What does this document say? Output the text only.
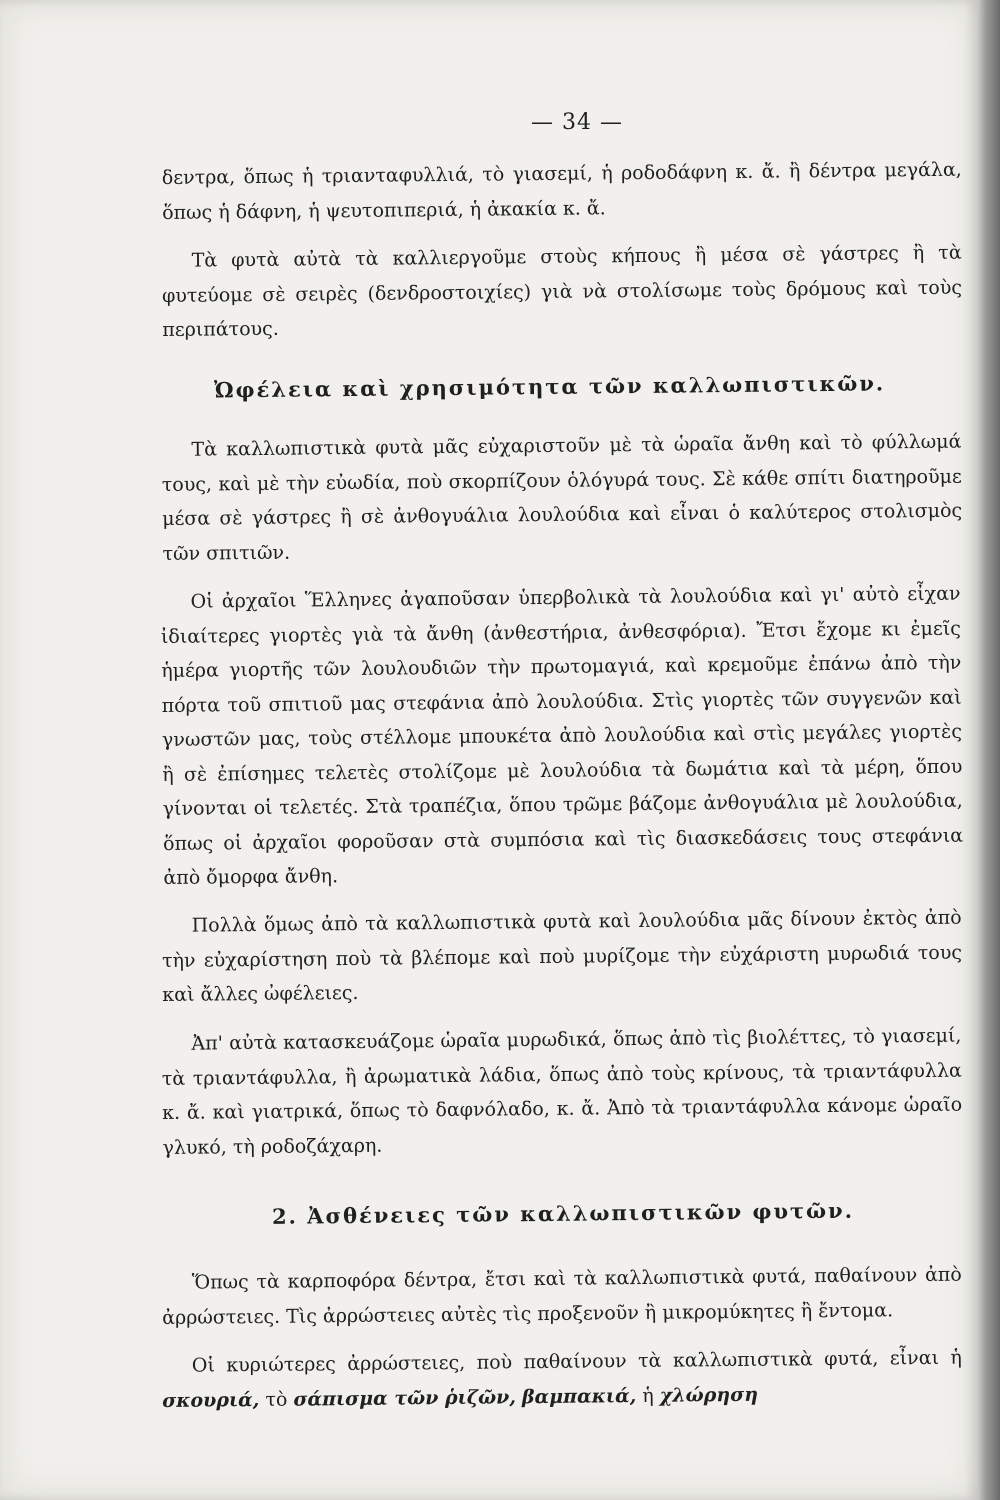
— 34 —

δεντρα, ὅπως ἡ τριανταφυλλιά, τὸ γιασεμί, ἡ ροδοδάφνη κ. ἄ. ἢ δέντρα μεγάλα, ὅπως ἡ δάφνη, ἡ ψευτοπιπεριά, ἡ ἀκακία κ. ἄ.

Τὰ φυτὰ αὐτὰ τὰ καλλιεργοῦμε στοὺς κήπους ἢ μέσα σὲ γάστρες ἢ τὰ φυτεύομε σὲ σειρὲς (δενδροστοιχίες) γιὰ νὰ στολίσωμε τοὺς δρόμους καὶ τοὺς περιπάτους.

Ὠφέλεια καὶ χρησιμότητα τῶν καλλωπιστικῶν.

Τὰ καλλωπιστικὰ φυτὰ μᾶς εὐχαριστοῦν μὲ τὰ ὡραῖα ἄνθη καὶ τὸ φύλλωμά τους, καὶ μὲ τὴν εὐωδία, ποὺ σκορπίζουν ὁλόγυρά τους. Σὲ κάθε σπίτι διατηροῦμε μέσα σὲ γάστρες ἢ σὲ ἀνθογυάλια λουλούδια καὶ εἶναι ὁ καλύτερος στολισμὸς τῶν σπιτιῶν.

Οἱ ἀρχαῖοι Ἕλληνες ἀγαποῦσαν ὑπερβολικὰ τὰ λουλούδια καὶ γι' αὐτὸ εἶχαν ἰδιαίτερες γιορτὲς γιὰ τὰ ἄνθη (ἀνθεστήρια, ἀνθεσφόρια). Ἔτσι ἔχομε κι ἐμεῖς ἡμέρα γιορτῆς τῶν λουλουδιῶν τὴν πρωτομαγιά, καὶ κρεμοῦμε ἐπάνω ἀπὸ τὴν πόρτα τοῦ σπιτιοῦ μας στεφάνια ἀπὸ λουλούδια. Στὶς γιορτὲς τῶν συγγενῶν καὶ γνωστῶν μας, τοὺς στέλλομε μπουκέτα ἀπὸ λουλούδια καὶ στὶς μεγάλες γιορτὲς ἢ σὲ ἐπίσημες τελετὲς στολίζομε μὲ λουλούδια τὰ δωμάτια καὶ τὰ μέρη, ὅπου γίνονται οἱ τελετές. Στὰ τραπέζια, ὅπου τρῶμε βάζομε ἀνθογυάλια μὲ λουλούδια, ὅπως οἱ ἀρχαῖοι φοροῦσαν στὰ συμπόσια καὶ τὶς διασκεδάσεις τους στεφάνια ἀπὸ ὄμορφα ἄνθη.

Πολλὰ ὅμως ἀπὸ τὰ καλλωπιστικὰ φυτὰ καὶ λουλούδια μᾶς δίνουν ἐκτὸς ἀπὸ τὴν εὐχαρίστηση ποὺ τὰ βλέπομε καὶ ποὺ μυρίζομε τὴν εὐχάριστη μυρωδιά τους καὶ ἄλλες ὠφέλειες.

Ἀπ' αὐτὰ κατασκευάζομε ὡραῖα μυρωδικά, ὅπως ἀπὸ τὶς βιολέττες, τὸ γιασεμί, τὰ τριαντάφυλλα, ἢ ἀρωματικὰ λάδια, ὅπως ἀπὸ τοὺς κρίνους, τὰ τριαντάφυλλα κ. ἄ. καὶ γιατρικά, ὅπως τὸ δαφνόλαδο, κ. ἄ. Ἀπὸ τὰ τριαντάφυλλα κάνομε ὡραῖο γλυκό, τὴ ροδοζάχαρη.

2. Ἀσθένειες τῶν καλλωπιστικῶν φυτῶν.

Ὅπως τὰ καρποφόρα δέντρα, ἔτσι καὶ τὰ καλλωπιστικὰ φυτά, παθαίνουν ἀπὸ ἀρρώστειες. Τὶς ἀρρώστειες αὐτὲς τὶς προξενοῦν ἢ μικρομύκητες ἢ ἔντομα.

Οἱ κυριώτερες ἀρρώστειες, ποὺ παθαίνουν τὰ καλλωπιστικὰ φυτά, εἶναι ἡ σκουριά, τὸ σάπισμα τῶν ῥιζῶν, βαμπακιά, ἡ χλώρηση
